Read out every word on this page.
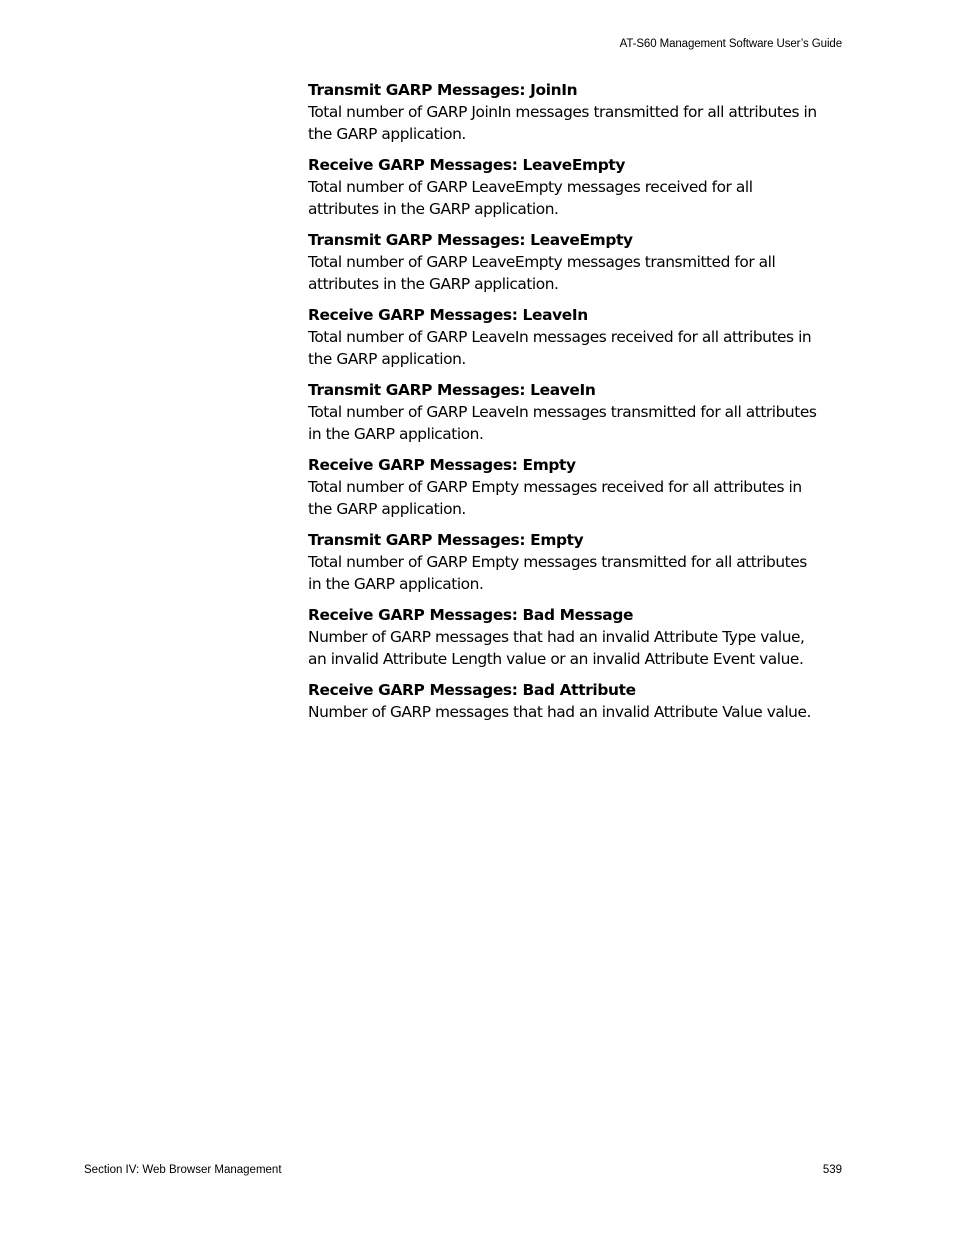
AT-S60 Management Software User’s Guide

Transmit GARP Messages: JoinIn

Total number of GARP JoinIn messages transmitted for all attributes in the GARP application.

Receive GARP Messages: LeaveEmpty

Total number of GARP LeaveEmpty messages received for all attributes in the GARP application.

Transmit GARP Messages: LeaveEmpty

Total number of GARP LeaveEmpty messages transmitted for all attributes in the GARP application.

Receive GARP Messages: LeaveIn

Total number of GARP LeaveIn messages received for all attributes in the GARP application.

Transmit GARP Messages: LeaveIn

Total number of GARP LeaveIn messages transmitted for all attributes in the GARP application.

Receive GARP Messages: Empty

Total number of GARP Empty messages received for all attributes in the GARP application.

Transmit GARP Messages: Empty

Total number of GARP Empty messages transmitted for all attributes in the GARP application.

Receive GARP Messages: Bad Message

Number of GARP messages that had an invalid Attribute Type value, an invalid Attribute Length value or an invalid Attribute Event value.

Receive GARP Messages: Bad Attribute

Number of GARP messages that had an invalid Attribute Value value.

Section IV: Web Browser Management	539
